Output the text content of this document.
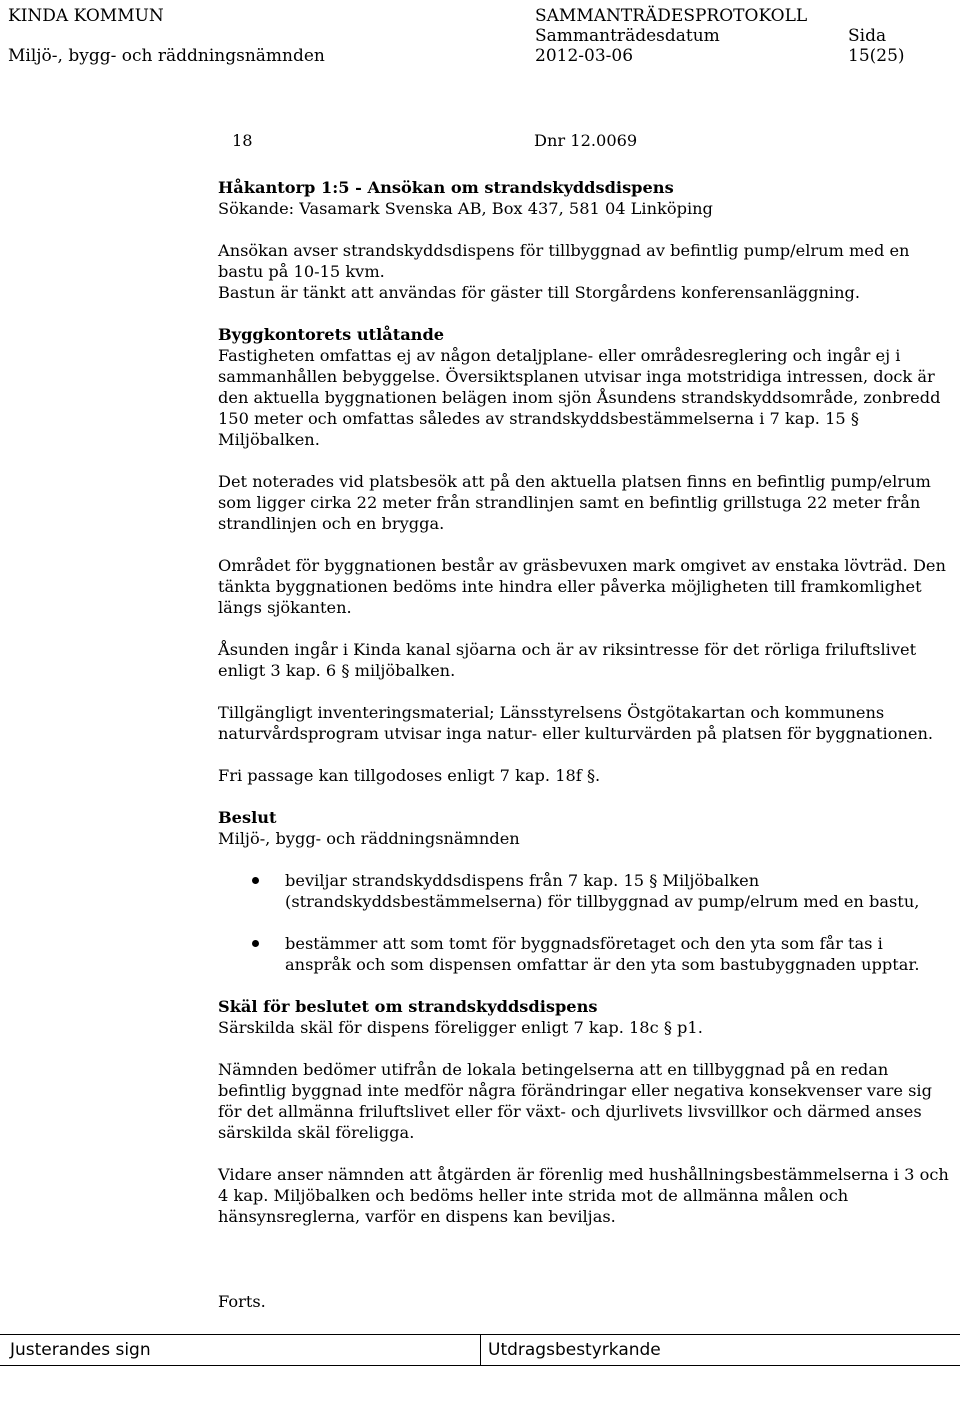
KINDA KOMMUN
Miljö-, bygg- och räddningsnämnden
SAMMANTRÄDESPROTOKOLL
Sammanträdesdatum
2012-03-06
Sida
15(25)
18	Dnr 12.0069

Håkantorp 1:5 - Ansökan om strandskyddsdispens

Sökande: Vasamark Svenska AB, Box 437, 581 04 Linköping

Ansökan avser strandskyddsdispens för tillbyggnad av befintlig pump/elrum med en bastu på 10-15 kvm.

Bastun är tänkt att användas för gäster till Storgårdens konferensanläggning.

Byggkontorets utlåtande

Fastigheten omfattas ej av någon detaljplane- eller områdesreglering och ingår ej i sammanhållen bebyggelse. Översiktsplanen utvisar inga motstridiga intressen, dock är den aktuella byggnationen belägen inom sjön Åsundens strandskyddsområde, zonbredd 150 meter och omfattas således av strandskyddsbestämmelserna i 7 kap. 15 § Miljöbalken.

Det noterades vid platsbesök att på den aktuella platsen finns en befintlig pump/elrum som ligger cirka 22 meter från strandlinjen samt en befintlig grillstuga 22 meter från strandlinjen och en brygga.

Området för byggnationen består av gräsbevuxen mark omgivet av enstaka lövträd. Den tänkta byggnationen bedöms inte hindra eller påverka möjligheten till framkomlighet längs sjökanten.

Åsunden ingår i Kinda kanal sjöarna och är av riksintresse för det rörliga friluftslivet enligt 3 kap. 6 § miljöbalken.

Tillgängligt inventeringsmaterial; Länsstyrelsens Östgötakartan och kommunens naturvårdsprogram utvisar inga natur- eller kulturvärden på platsen för byggnationen.

Fri passage kan tillgodoses enligt 7 kap. 18f §.

Beslut

Miljö-, bygg- och räddningsnämnden

beviljar strandskyddsdispens från 7 kap. 15 § Miljöbalken (strandskyddsbestämmelserna) för tillbyggnad av pump/elrum med en bastu,
bestämmer att som tomt för byggnadsföretaget och den yta som får tas i anspråk och som dispensen omfattar är den yta som bastubyggnaden upptar.

Skäl för beslutet om strandskyddsdispens

Särskilda skäl för dispens föreligger enligt 7 kap. 18c § p1.

Nämnden bedömer utifrån de lokala betingelserna att en tillbyggnad på en redan befintlig byggnad inte medför några förändringar eller negativa konsekvenser vare sig för det allmänna friluftslivet eller för växt- och djurlivets livsvillkor och därmed anses särskilda skäl föreligga.

Vidare anser nämnden att åtgärden är förenlig med hushållningsbestämmelserna i 3 och 4 kap. Miljöbalken och bedöms heller inte strida mot de allmänna målen och hänsynsreglerna, varför en dispens kan beviljas.

Forts.
Justerandes sign	Utdragsbestyrkande
